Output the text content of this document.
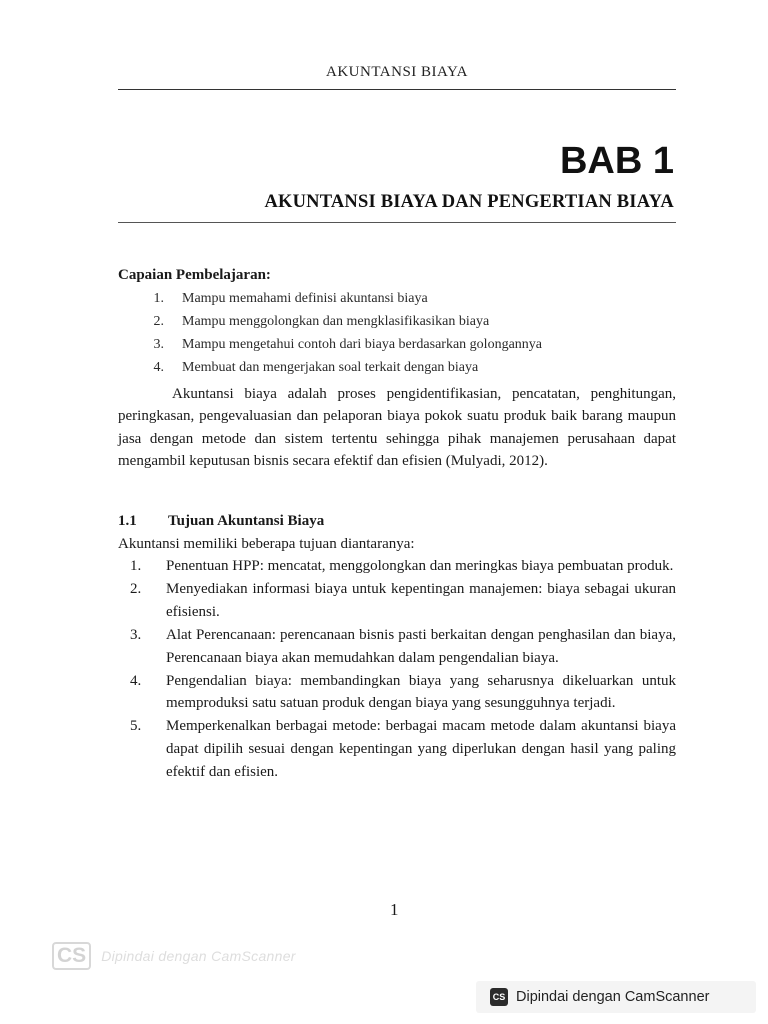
AKUNTANSI BIAYA
BAB 1
AKUNTANSI BIAYA DAN PENGERTIAN BIAYA

Capaian Pembelajaran:

1. Mampu memahami definisi akuntansi biaya
2. Mampu menggolongkan dan mengklasifikasikan biaya
3. Mampu mengetahui contoh dari biaya berdasarkan golongannya
4. Membuat dan mengerjakan soal terkait dengan biaya

Akuntansi biaya adalah proses pengidentifikasian, pencatatan, penghitungan, peringkasan, pengevaluasian dan pelaporan biaya pokok suatu produk baik barang maupun jasa dengan metode dan sistem tertentu sehingga pihak manajemen perusahaan dapat mengambil keputusan bisnis secara efektif dan efisien (Mulyadi, 2012).

1.1	Tujuan Akuntansi Biaya

Akuntansi memiliki beberapa tujuan diantaranya:

1.	Penentuan HPP: mencatat, menggolongkan dan meringkas biaya pembuatan produk.
2.	Menyediakan informasi biaya untuk kepentingan manajemen: biaya sebagai ukuran efisiensi.
3.	Alat Perencanaan: perencanaan bisnis pasti berkaitan dengan penghasilan dan biaya, Perencanaan biaya akan memudahkan dalam pengendalian biaya.
4.	Pengendalian biaya: membandingkan biaya yang seharusnya dikeluarkan untuk memproduksi satu satuan produk dengan biaya yang sesungguhnya terjadi.
5.	Memperkenalkan berbagai metode: berbagai macam metode dalam akuntansi biaya dapat dipilih sesuai dengan kepentingan yang diperlukan dengan hasil yang paling efektif dan efisien.
1
CS	Dipindai dengan CamScanner
CS Dipindai dengan CamScanner
